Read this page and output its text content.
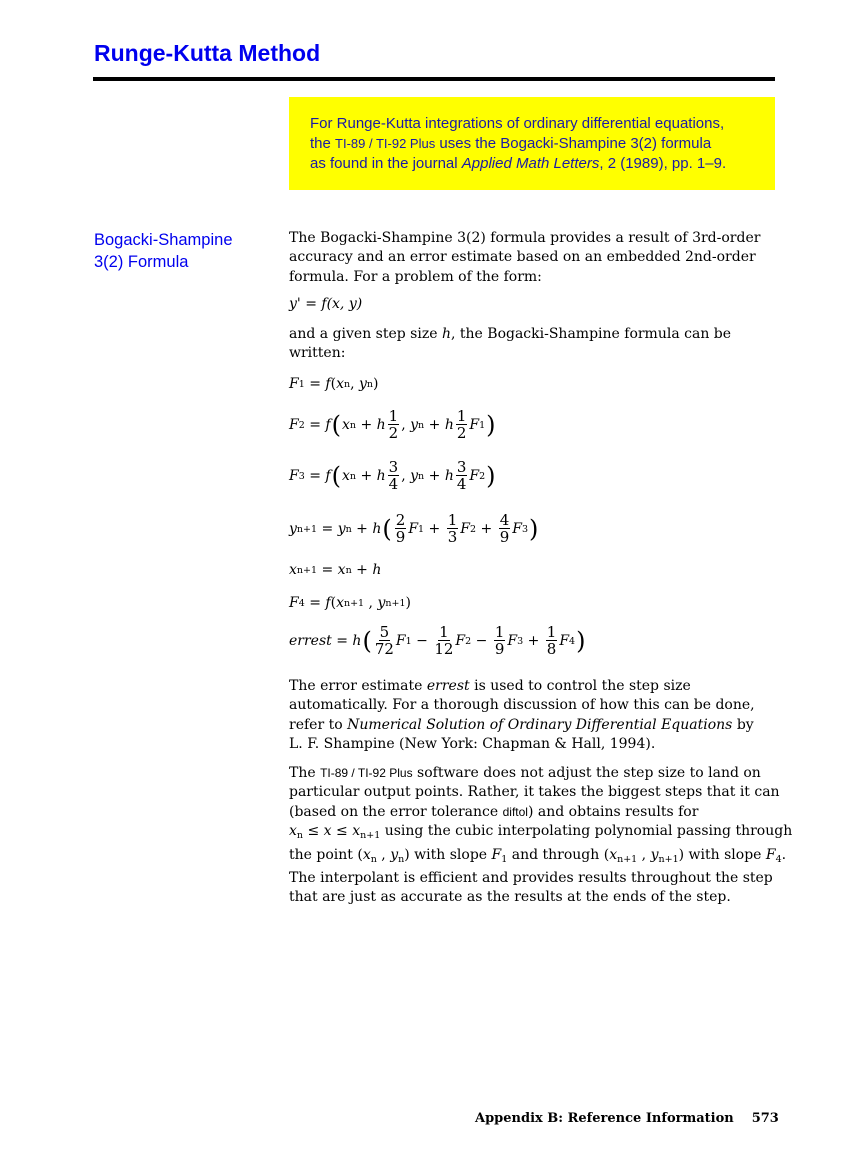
Runge-Kutta Method
For Runge-Kutta integrations of ordinary differential equations,
the TI-89 / TI-92 Plus uses the Bogacki-Shampine 3(2) formula
as found in the journal Applied Math Letters, 2 (1989), pp. 1–9.
Bogacki-Shampine
3(2) Formula
The Bogacki-Shampine 3(2) formula provides a result of 3rd-order
accuracy and an error estimate based on an embedded 2nd-order
formula. For a problem of the form:
y' = f(x, y)
and a given step size h, the Bogacki-Shampine formula can be
written:
F 1 = f ( x n , y n )
F 2 = f ( x n + h $\frac{1}{2}$ , y n + h $\frac{1}{2}$ F 1 )
F 3 = f ( x n + h $\frac{3}{4}$ , y n + h $\frac{3}{4}$ F 2 )
y n+1 = y n + h ( $\frac{2}{9}$ F $1 + \frac{1}{3}$ F $2 + \frac{4}{9}$ F 3 )
x n+1 = x n + h
F 4 = f ( x n+1 , y n+1 )
errest = h ( $\frac{5}{72}$ F $1 - \frac{1}{12}$ F $2 - \frac{1}{9}$ F $3 + \frac{1}{8}$ F 4 )
The error estimate errest is used to control the step size
automatically. For a thorough discussion of how this can be done,
refer to Numerical Solution of Ordinary Differential Equations by
L. F. Shampine (New York: Chapman & Hall, 1994).
The TI-89 / TI-92 Plus software does not adjust the step size to land on
particular output points. Rather, it takes the biggest steps that it can
(based on the error tolerance diftol) and obtains results for
$x_n \le x \le x_{n+1}$ using the cubic interpolating polynomial passing through
the point ($x_n$ , $y_n$) with slope $F_1$ and through ($x_{n+1}$ , $y_{n+1}$) with slope $F_4$.
The interpolant is efficient and provides results throughout the step
that are just as accurate as the results at the ends of the step.
Appendix B: Reference Information 573
